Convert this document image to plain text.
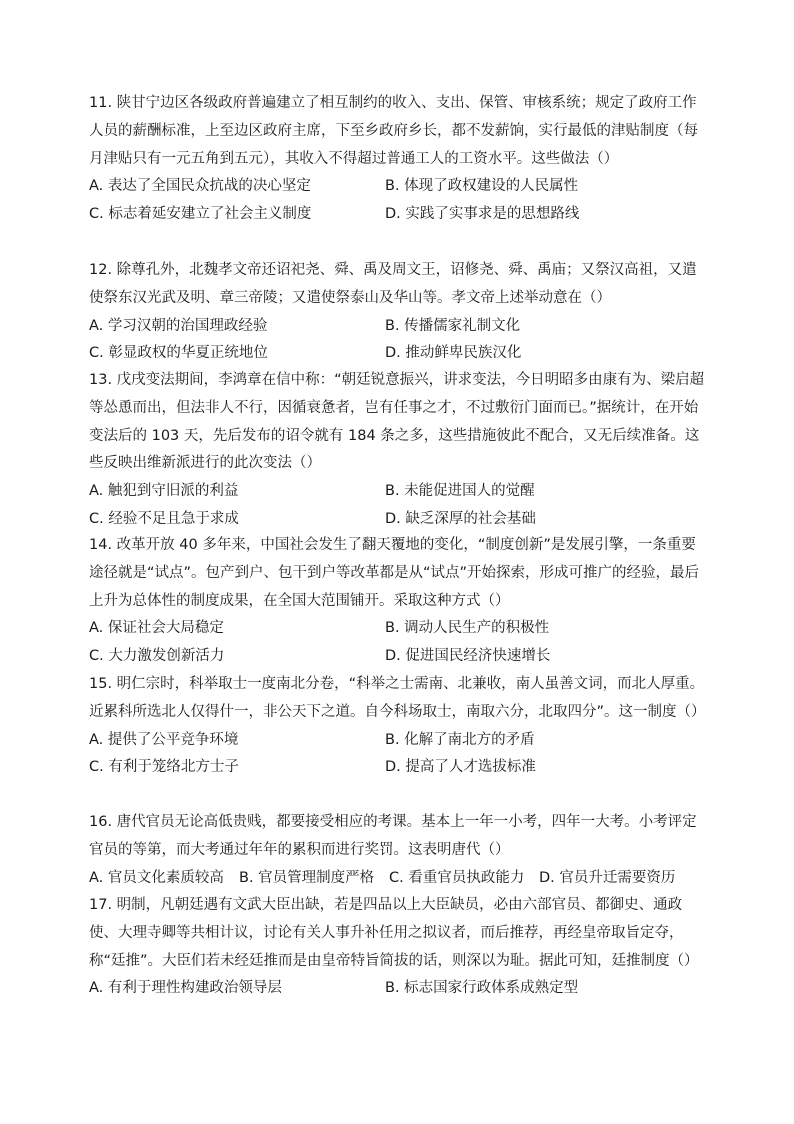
11. 陕甘宁边区各级政府普遍建立了相互制约的收入、支出、保管、审核系统；规定了政府工作人员的薪酬标准，上至边区政府主席，下至乡政府乡长，都不发薪饷，实行最低的津贴制度（每月津贴只有一元五角到五元），其收入不得超过普通工人的工资水平。这些做法（）

A. 表达了全国民众抗战的决心坚定	B. 体现了政权建设的人民属性

C. 标志着延安建立了社会主义制度	D. 实践了实事求是的思想路线

12. 除尊孔外，北魏孝文帝还诏祀尧、舜、禹及周文王，诏修尧、舜、禹庙；又祭汉高祖，又遣使祭东汉光武及明、章三帝陵；又遣使祭泰山及华山等。孝文帝上述举动意在（）

A. 学习汉朝的治国理政经验	B. 传播儒家礼制文化

C. 彰显政权的华夏正统地位	D. 推动鲜卑民族汉化

13. 戊戌变法期间，李鸿章在信中称：“朝廷锐意振兴，讲求变法，今日明昭多由康有为、梁启超等怂恿而出，但法非人不行，因循衰惫者，岂有任事之才，不过敷衍门面而已。”据统计，在开始变法后的 103 天，先后发布的诏令就有 184 条之多，这些措施彼此不配合，又无后续准备。这些反映出维新派进行的此次变法（）

A. 触犯到守旧派的利益	B. 未能促进国人的觉醒

C. 经验不足且急于求成	D. 缺乏深厚的社会基础

14. 改革开放 40 多年来，中国社会发生了翻天覆地的变化，“制度创新”是发展引擎，一条重要途径就是“试点”。包产到户、包干到户等改革都是从“试点”开始探索，形成可推广的经验，最后上升为总体性的制度成果，在全国大范围铺开。采取这种方式（）

A. 保证社会大局稳定	B. 调动人民生产的积极性

C. 大力激发创新活力	D. 促进国民经济快速增长

15. 明仁宗时，科举取士一度南北分卷，“科举之士需南、北兼收，南人虽善文词，而北人厚重。近累科所选北人仅得什一，非公天下之道。自今科场取士，南取六分，北取四分”。这一制度（）

A. 提供了公平竞争环境	B. 化解了南北方的矛盾

C. 有利于笼络北方士子	D. 提高了人才选拔标准

16. 唐代官员无论高低贵贱，都要接受相应的考课。基本上一年一小考，四年一大考。小考评定官员的等第，而大考通过年年的累积而进行奖罚。这表明唐代（）

A. 官员文化素质较高	B. 官员管理制度严格	C. 看重官员执政能力	D. 官员升迁需要资历

17. 明制，凡朝廷遇有文武大臣出缺，若是四品以上大臣缺员，必由六部官员、都御史、通政使、大理寺卿等共相计议，讨论有关人事升补任用之拟议者，而后推荐，再经皇帝取旨定夺，称“廷推”。大臣们若未经廷推而是由皇帝特旨简拔的话，则深以为耻。据此可知，廷推制度（）

A. 有利于理性构建政治领导层	B. 标志国家行政体系成熟定型
